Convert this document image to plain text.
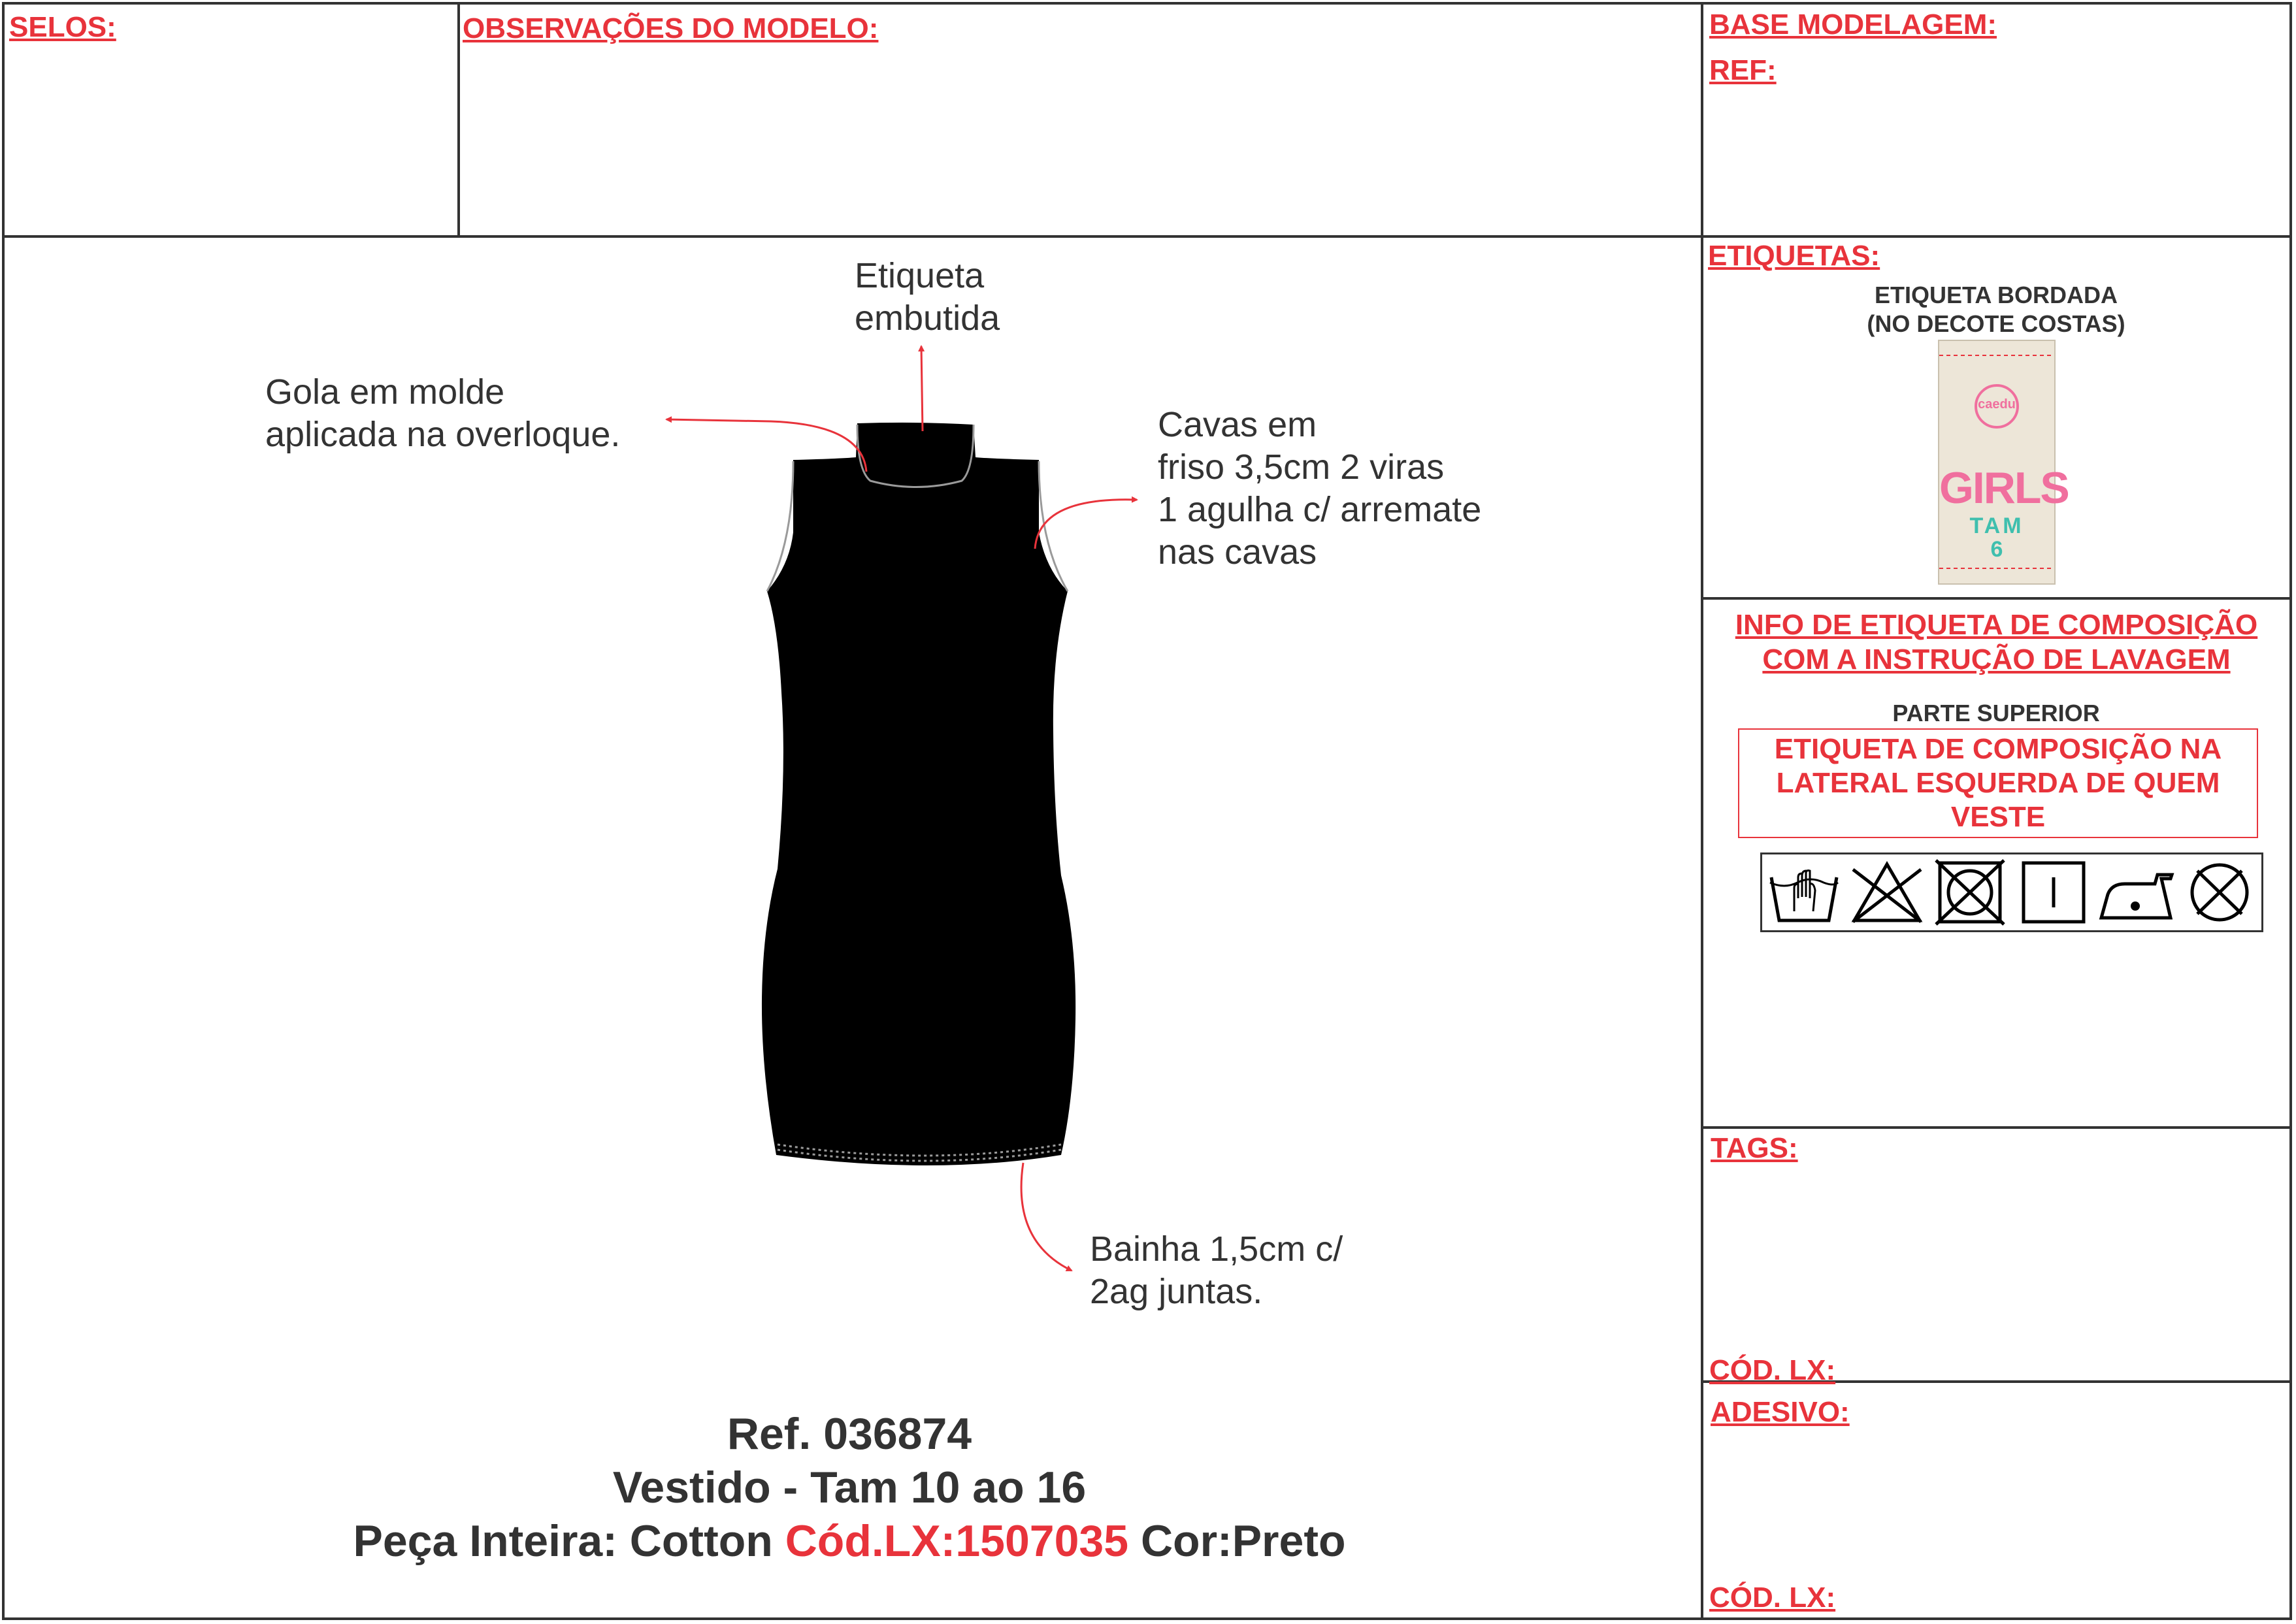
SELOS:	OBSERVAÇÕES DO MODELO:	BASE MODELAGEM:
REF:
ETIQUETAS:
ETIQUETA BORDADA
(NO DECOTE COSTAS)
caedu
GIRLS
TAM
6
INFO DE ETIQUETA DE COMPOSIÇÃO
COM A INSTRUÇÃO DE LAVAGEM
PARTE SUPERIOR
ETIQUETA DE COMPOSIÇÃO NA LATERAL ESQUERDA DE QUEM VESTE
TAGS:
CÓD. LX:
ADESIVO:
CÓD. LX:
Etiqueta
embutida
Gola em molde
aplicada na overloque.	Cavas em
friso 3,5cm 2 viras
1 agulha c/ arremate
nas cavas
Bainha 1,5cm c/
2ag juntas.
Ref. 036874
Vestido - Tam 10 ao 16
Peça Inteira: Cotton Cód.LX:1507035 Cor:Preto
